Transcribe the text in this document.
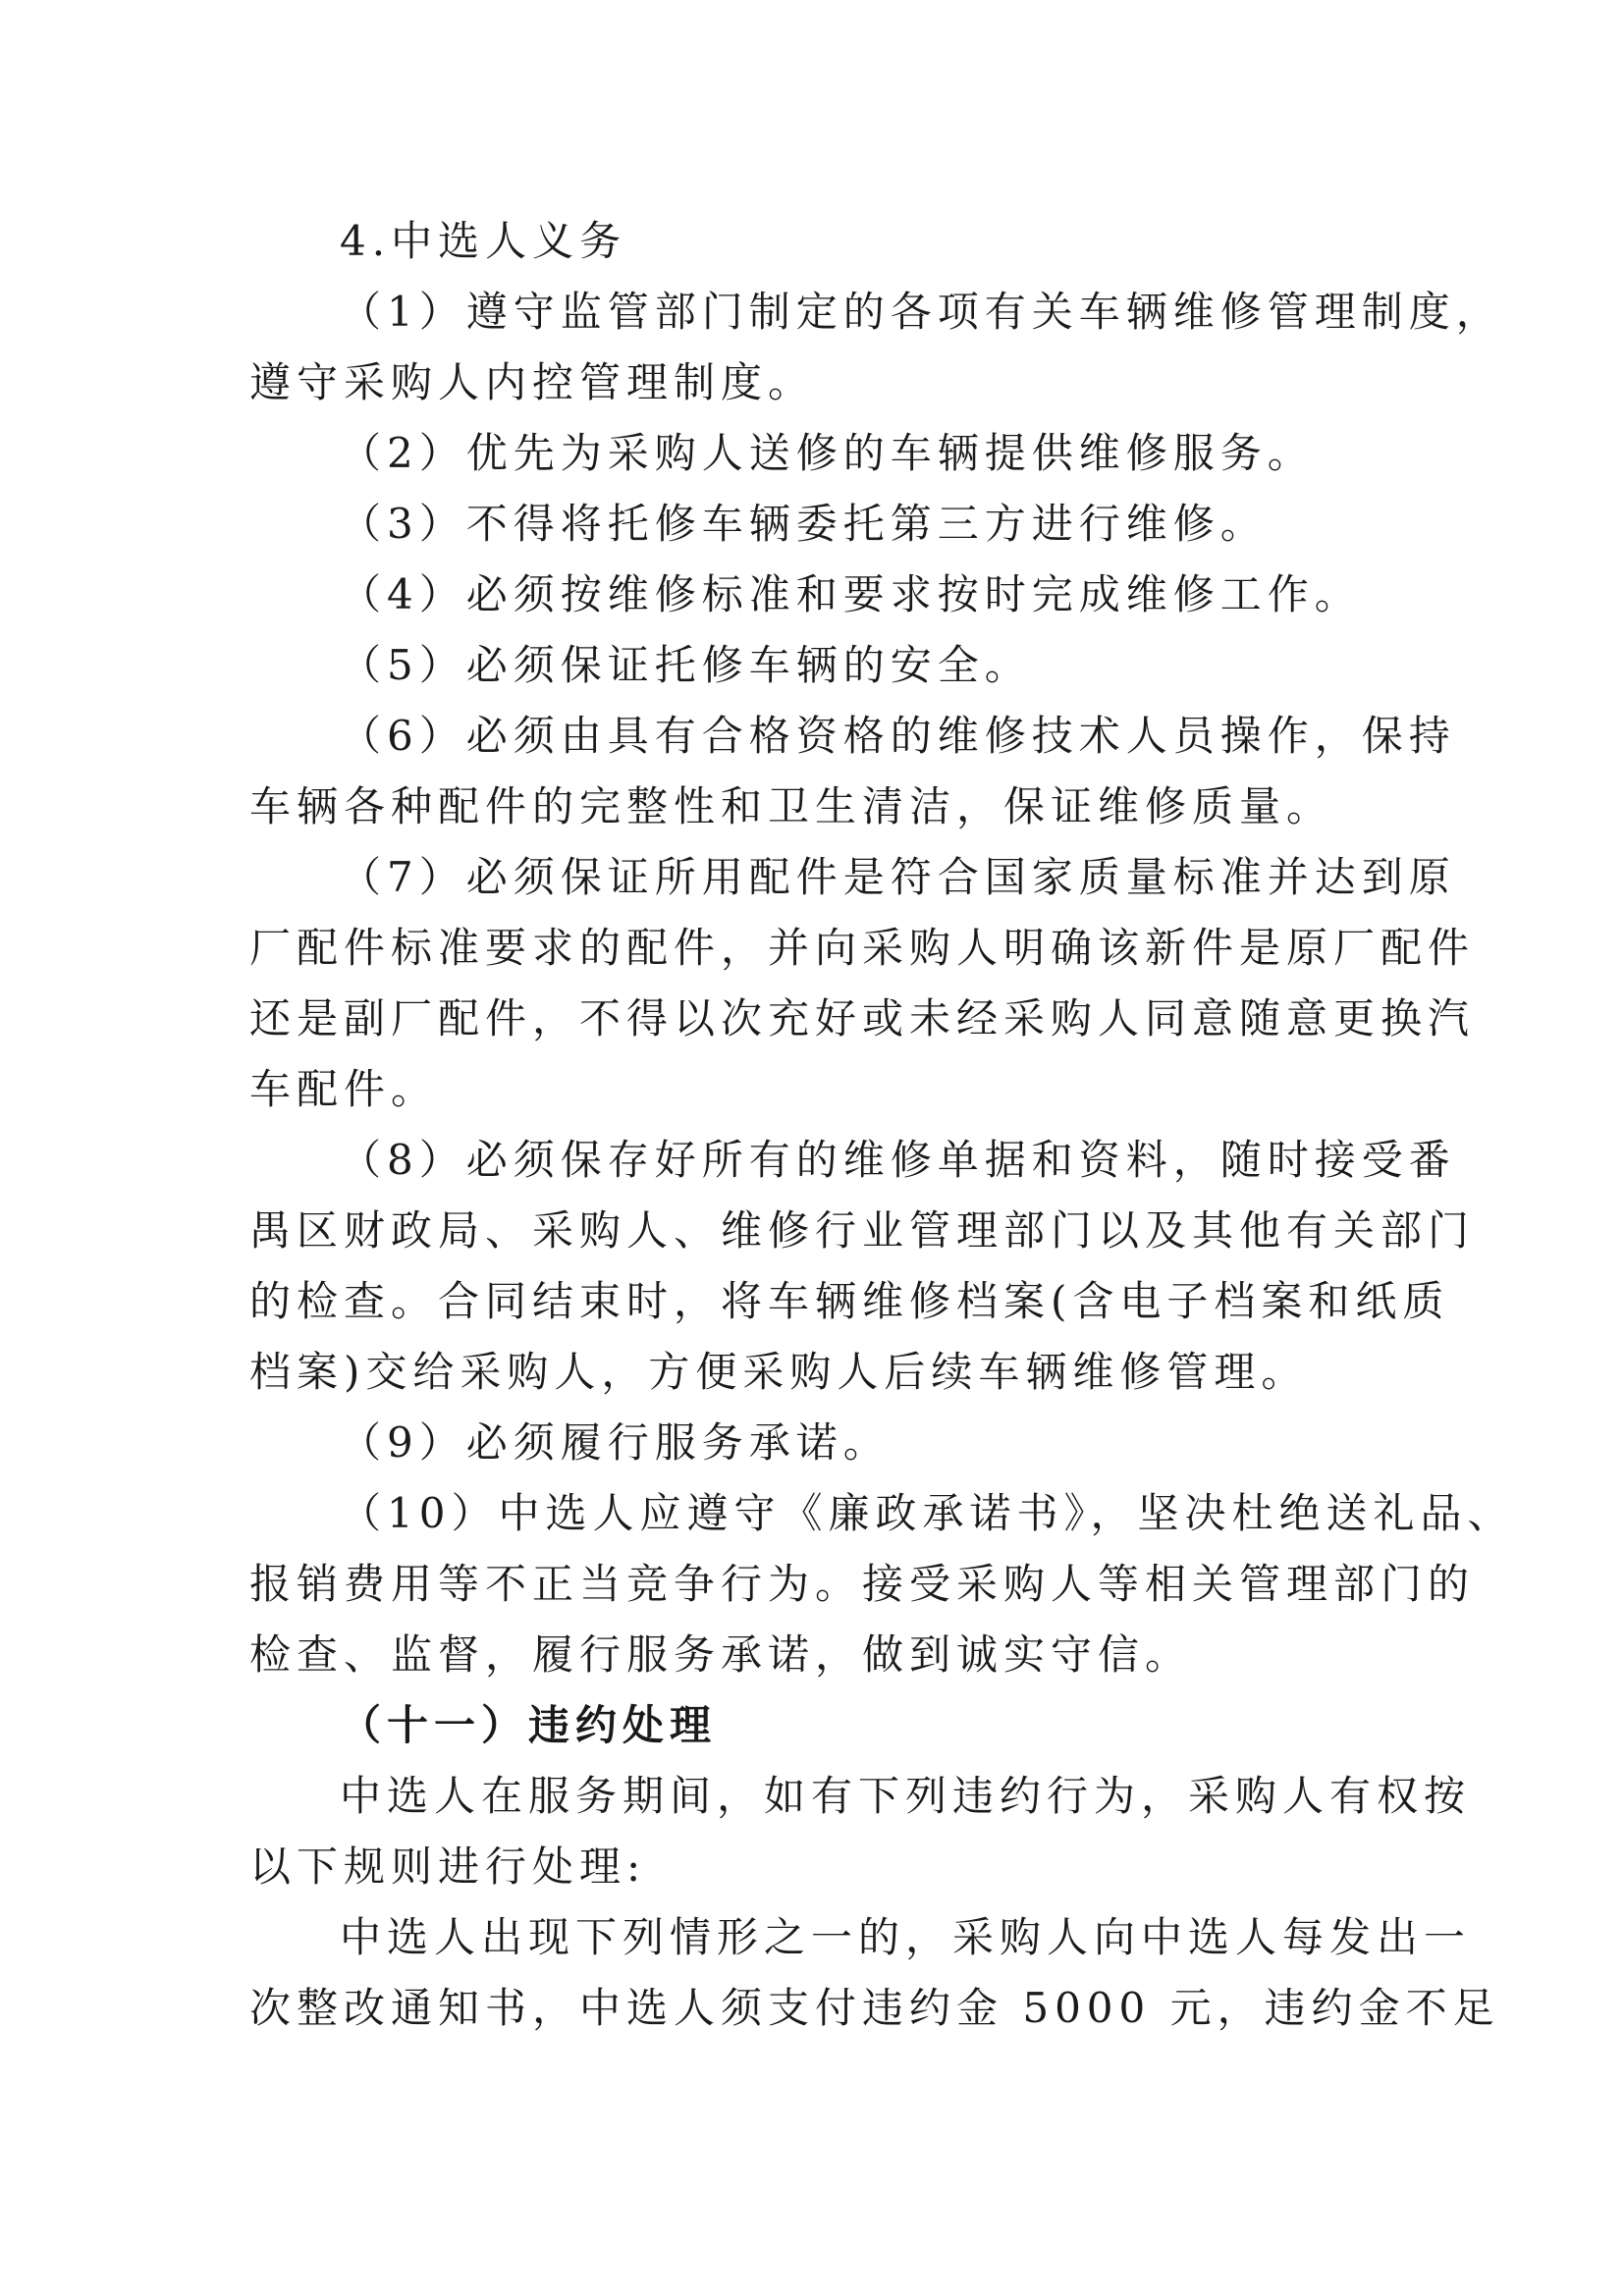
4.中选人义务
（1）遵守监管部门制定的各项有关车辆维修管理制度，
遵守采购人内控管理制度。
（2）优先为采购人送修的车辆提供维修服务。
（3）不得将托修车辆委托第三方进行维修。
（4）必须按维修标准和要求按时完成维修工作。
（5）必须保证托修车辆的安全。
（6）必须由具有合格资格的维修技术人员操作，保持
车辆各种配件的完整性和卫生清洁，保证维修质量。
（7）必须保证所用配件是符合国家质量标准并达到原
厂配件标准要求的配件，并向采购人明确该新件是原厂配件
还是副厂配件，不得以次充好或未经采购人同意随意更换汽
车配件。
（8）必须保存好所有的维修单据和资料，随时接受番
禺区财政局、采购人、维修行业管理部门以及其他有关部门
的检查。合同结束时，将车辆维修档案(含电子档案和纸质
档案)交给采购人，方便采购人后续车辆维修管理。
（9）必须履行服务承诺。
（10）中选人应遵守《廉政承诺书》，坚决杜绝送礼品、
报销费用等不正当竞争行为。接受采购人等相关管理部门的
检查、监督，履行服务承诺，做到诚实守信。
（十一）违约处理
中选人在服务期间，如有下列违约行为，采购人有权按
以下规则进行处理:
中选人出现下列情形之一的，采购人向中选人每发出一
次整改通知书，中选人须支付违约金 5000 元，违约金不足
